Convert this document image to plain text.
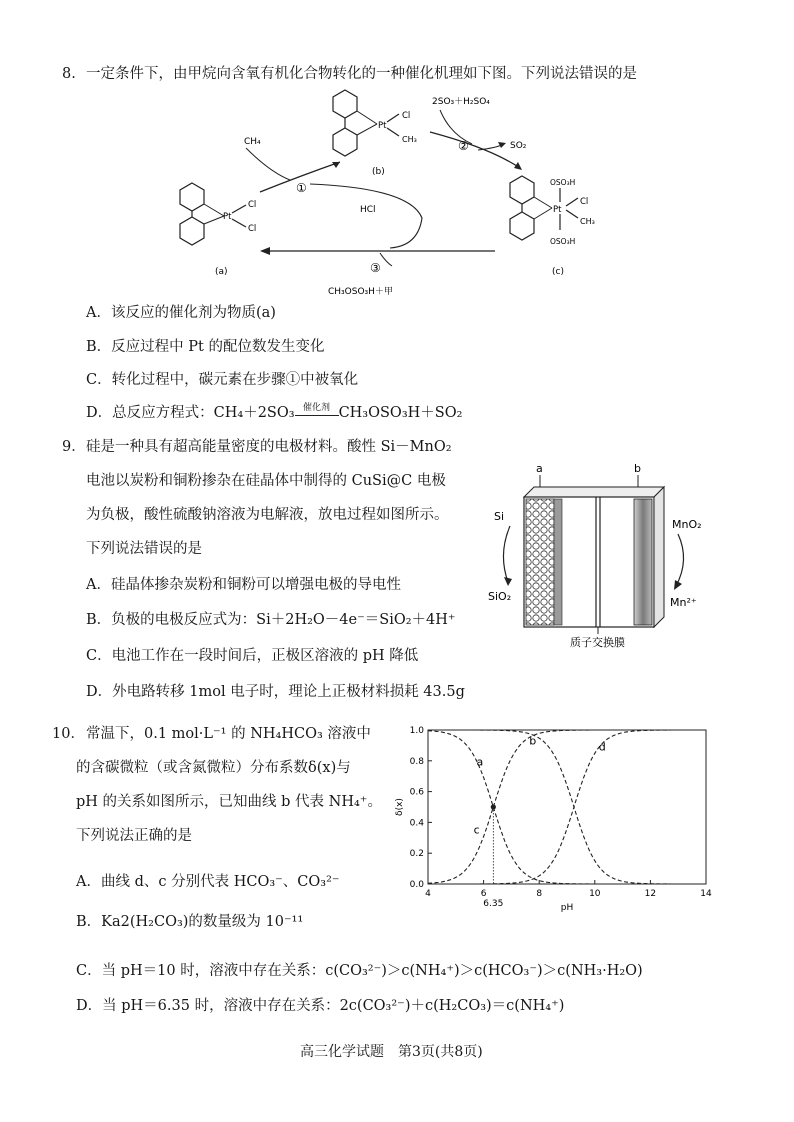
8. 一定条件下，由甲烷向含氧有机化合物转化的一种催化机理如下图。下列说法错误的是
Pt
Cl
Cl
(a)
Pt
Cl
CH₃
(b)
Pt
OSO₃H
OSO₃H
Cl
CH₃
(c)
CH₄
①
HCl
2SO₃＋H₂SO₄
②	SO₂
③
CH₃OSO₃H＋甲
A．该反应的催化剂为物质(a)
B．反应过程中 Pt 的配位数发生变化
C．转化过程中，碳元素在步骤①中被氧化
D．总反应方程式：CH₄＋2SO₃ 催化剂 CH₃OSO₃H＋SO₂
9． 硅是一种具有超高能量密度的电极材料。酸性 Si－MnO₂
电池以炭粉和铜粉掺杂在硅晶体中制得的 CuSi@C 电极
为负极，酸性硫酸钠溶液为电解液，放电过程如图所示。
下列说法错误的是
A．硅晶体掺杂炭粉和铜粉可以增强电极的导电性
B．负极的电极反应式为：Si＋2H₂O－4e⁻＝SiO₂＋4H⁺
C．电池工作在一段时间后，正极区溶液的 pH 降低
D．外电路转移 1mol 电子时，理论上正极材料损耗 43.5g
a	b
Si
SiO₂
MnO₂
Mn²⁺
质子交换膜
10． 常温下，0.1 mol·L⁻¹ 的 NH₄HCO₃ 溶液中
的含碳微粒（或含氮微粒）分布系数δ(x)与
pH 的关系如图所示，已知曲线 b 代表 NH₄⁺。
下列说法正确的是
A．曲线 d、c 分别代表 HCO₃⁻、CO₃²⁻
B．Ka2(H₂CO₃)的数量级为 10⁻¹¹
C．当 pH＝10 时，溶液中存在关系：c(CO₃²⁻)＞c(NH₄⁺)＞c(HCO₃⁻)＞c(NH₃·H₂O)
D．当 pH＝6.35 时，溶液中存在关系：2c(CO₃²⁻)＋c(H₂CO₃)＝c(NH₄⁺)
4	6	8	10	12	14
0.0
0.2
0.4
0.6
0.8
1.0
pH
δ(x)
a
b
c
d
6.35
高三化学试题　第3页(共8页)
